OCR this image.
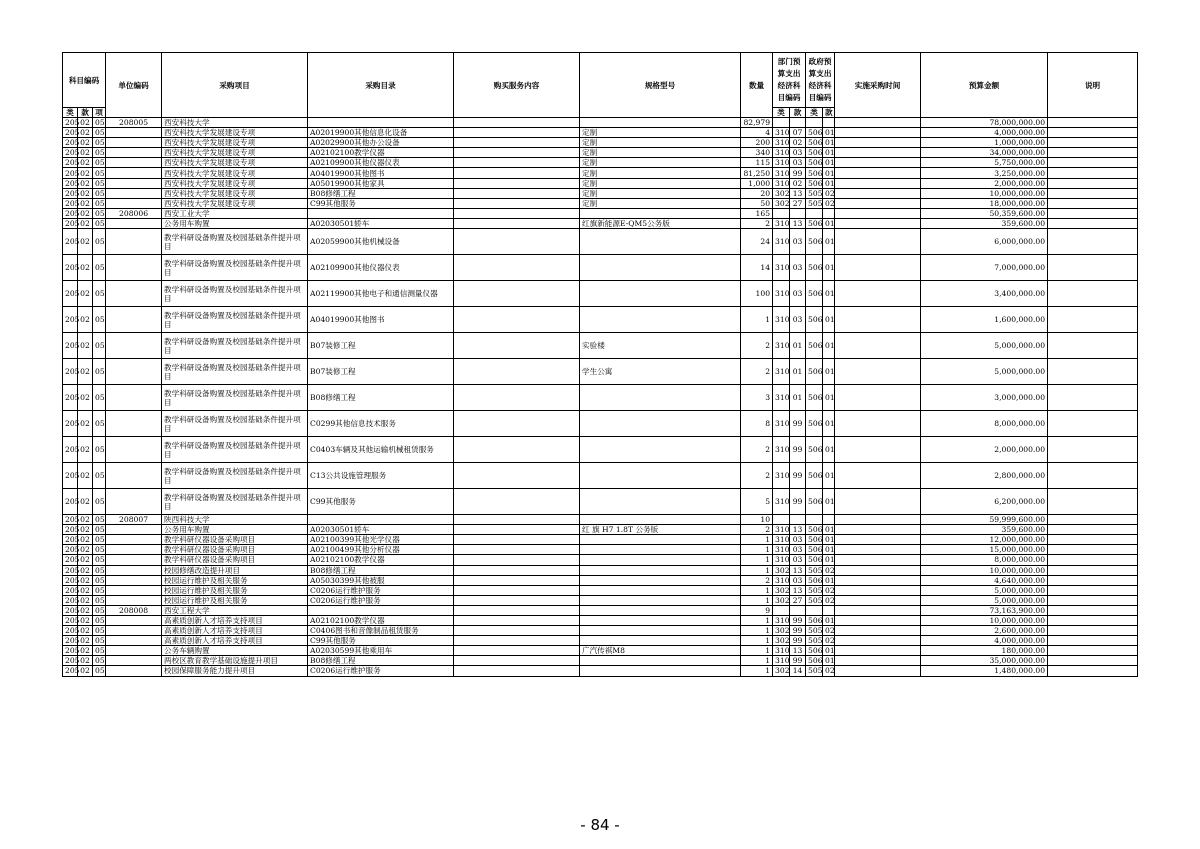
科目编码			单位编码	采购项目	采购目录	购买服务内容	规格型号	数量	部门预算支出经济科目编码		政府预算支出经济科目编码		实施采购时间	预算金额	说明
类	款	项							类	款	类	款			
205	02	05	208005	西安科技大学				82,979						78,000,000.00	
205	02	05		西安科技大学发展建设专项	A02019900其他信息化设备		定制	4	310	07	506	01		4,000,000.00	
205	02	05		西安科技大学发展建设专项	A02029900其他办公设备		定制	200	310	02	506	01		1,000,000.00	
205	02	05		西安科技大学发展建设专项	A02102100教学仪器		定制	340	310	03	506	01		34,000,000.00	
205	02	05		西安科技大学发展建设专项	A02109900其他仪器仪表		定制	115	310	03	506	01		5,750,000.00	
205	02	05		西安科技大学发展建设专项	A04019900其他图书		定制	81,250	310	99	506	01		3,250,000.00	
205	02	05		西安科技大学发展建设专项	A05019900其他家具		定制	1,000	310	02	506	01		2,000,000.00	
205	02	05		西安科技大学发展建设专项	B08修缮工程		定制	20	302	13	505	02		10,000,000.00	
205	02	05		西安科技大学发展建设专项	C99其他服务		定制	50	302	27	505	02		18,000,000.00	
205	02	05	208006	西安工业大学				165						50,359,600.00	
205	02	05		公务用车购置	A02030501轿车		红旗新能源E-QM5公务版	2	310	13	506	01		359,600.00	
205	02	05		教学科研设备购置及校园基础条件提升项目	A02059900其他机械设备			24	310	03	506	01		6,000,000.00	
205	02	05		教学科研设备购置及校园基础条件提升项目	A02109900其他仪器仪表			14	310	03	506	01		7,000,000.00	
205	02	05		教学科研设备购置及校园基础条件提升项目	A02119900其他电子和通信测量仪器			100	310	03	506	01		3,400,000.00	
205	02	05		教学科研设备购置及校园基础条件提升项目	A04019900其他图书			1	310	03	506	01		1,600,000.00	
205	02	05		教学科研设备购置及校园基础条件提升项目	B07装修工程		实验楼	2	310	01	506	01		5,000,000.00	
205	02	05		教学科研设备购置及校园基础条件提升项目	B07装修工程		学生公寓	2	310	01	506	01		5,000,000.00	
205	02	05		教学科研设备购置及校园基础条件提升项目	B08修缮工程			3	310	01	506	01		3,000,000.00	
205	02	05		教学科研设备购置及校园基础条件提升项目	C0299其他信息技术服务			8	310	99	506	01		8,000,000.00	
205	02	05		教学科研设备购置及校园基础条件提升项目	C0403车辆及其他运输机械租赁服务			2	310	99	506	01		2,000,000.00	
205	02	05		教学科研设备购置及校园基础条件提升项目	C13公共设施管理服务			2	310	99	506	01		2,800,000.00	
205	02	05		教学科研设备购置及校园基础条件提升项目	C99其他服务			5	310	99	506	01		6,200,000.00	
205	02	05	208007	陕西科技大学				10						59,999,600.00	
205	02	05		公务用车购置	A02030501轿车		红 旗 H7 1.8T 公务版	2	310	13	506	01		359,600.00	
205	02	05		教学科研仪器设备采购项目	A02100399其他光学仪器			1	310	03	506	01		12,000,000.00	
205	02	05		教学科研仪器设备采购项目	A02100499其他分析仪器			1	310	03	506	01		15,000,000.00	
205	02	05		教学科研仪器设备采购项目	A02102100教学仪器			1	310	03	506	01		8,000,000.00	
205	02	05		校园修缮改造提升项目	B08修缮工程			1	302	13	505	02		10,000,000.00	
205	02	05		校园运行维护及相关服务	A05030399其他被服			2	310	03	506	01		4,640,000.00	
205	02	05		校园运行维护及相关服务	C0206运行维护服务			1	302	13	505	02		5,000,000.00	
205	02	05		校园运行维护及相关服务	C0206运行维护服务			1	302	27	505	02		5,000,000.00	
205	02	05	208008	西安工程大学				9						73,163,900.00	
205	02	05		高素质创新人才培养支持项目	A02102100教学仪器			1	310	99	506	01		10,000,000.00	
205	02	05		高素质创新人才培养支持项目	C0406图书和音像制品租赁服务			1	302	99	505	02		2,600,000.00	
205	02	05		高素质创新人才培养支持项目	C99其他服务			1	302	99	505	02		4,000,000.00	
205	02	05		公务车辆购置	A02030599其他乘用车		广汽传祺M8	1	310	13	506	01		180,000.00	
205	02	05		两校区教育教学基础设施提升项目	B08修缮工程			1	310	99	506	01		35,000,000.00	
205	02	05		校园保障服务能力提升项目	C0206运行维护服务			1	302	14	505	02		1,480,000.00	
- 84 -
